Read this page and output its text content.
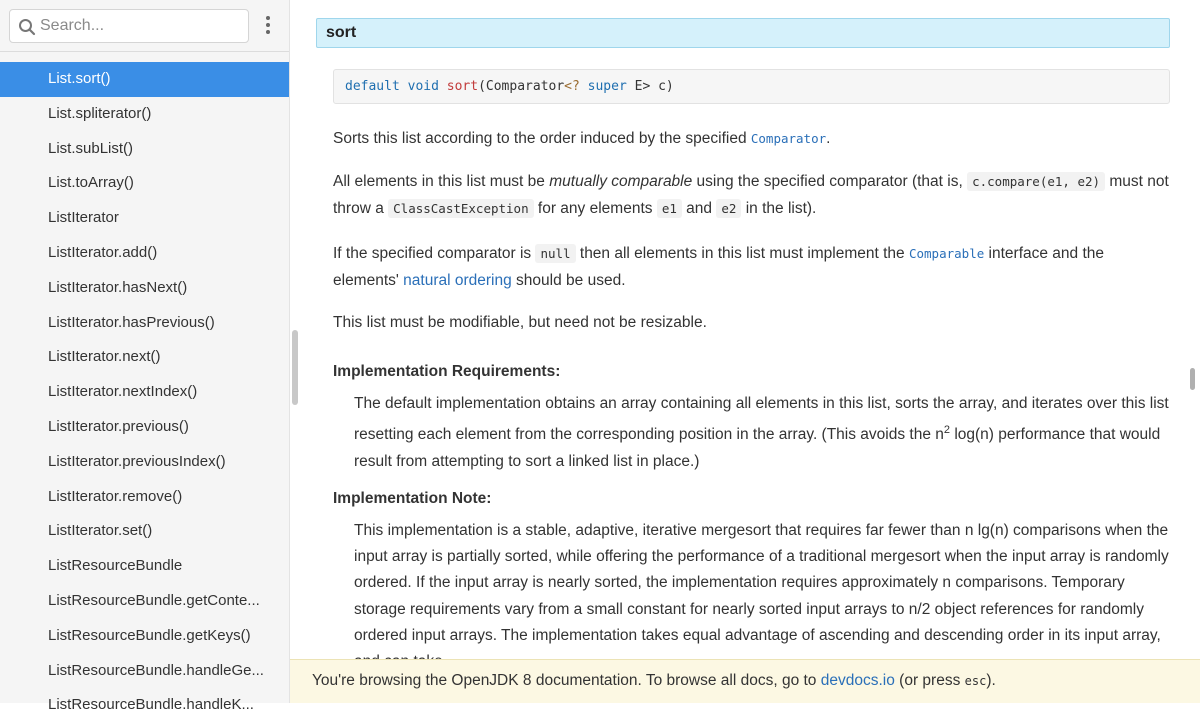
Search...
List.sort()
List.spliterator()
List.subList()
List.toArray()
ListIterator
ListIterator.add()
ListIterator.hasNext()
ListIterator.hasPrevious()
ListIterator.next()
ListIterator.nextIndex()
ListIterator.previous()
ListIterator.previousIndex()
ListIterator.remove()
ListIterator.set()
ListResourceBundle
ListResourceBundle.getConte...
ListResourceBundle.getKeys()
ListResourceBundle.handleGe...
ListResourceBundle.handleK...
sort
default void sort(Comparator<? super E> c)

Sorts this list according to the order induced by the specified Comparator.

All elements in this list must be mutually comparable using the specified comparator (that is, c.compare(e1, e2) must not throw a ClassCastException for any elements e1 and e2 in the list).

If the specified comparator is null then all elements in this list must implement the Comparable interface and the elements' natural ordering should be used.

This list must be modifiable, but need not be resizable.

Implementation Requirements:

The default implementation obtains an array containing all elements in this list, sorts the array, and iterates over this list resetting each element from the corresponding position in the array. (This avoids the $n^2$ log(n) performance that would result from attempting to sort a linked list in place.)

Implementation Note:

This implementation is a stable, adaptive, iterative mergesort that requires far fewer than n lg(n) comparisons when the input array is partially sorted, while offering the performance of a traditional mergesort when the input array is randomly ordered. If the input array is nearly sorted, the implementation requires approximately n comparisons. Temporary storage requirements vary from a small constant for nearly sorted input arrays to n/2 object references for randomly ordered input arrays. The implementation takes equal advantage of ascending and descending order in its input array,

You're browsing the OpenJDK 8 documentation. To browse all docs, go to devdocs.io (or press esc).
